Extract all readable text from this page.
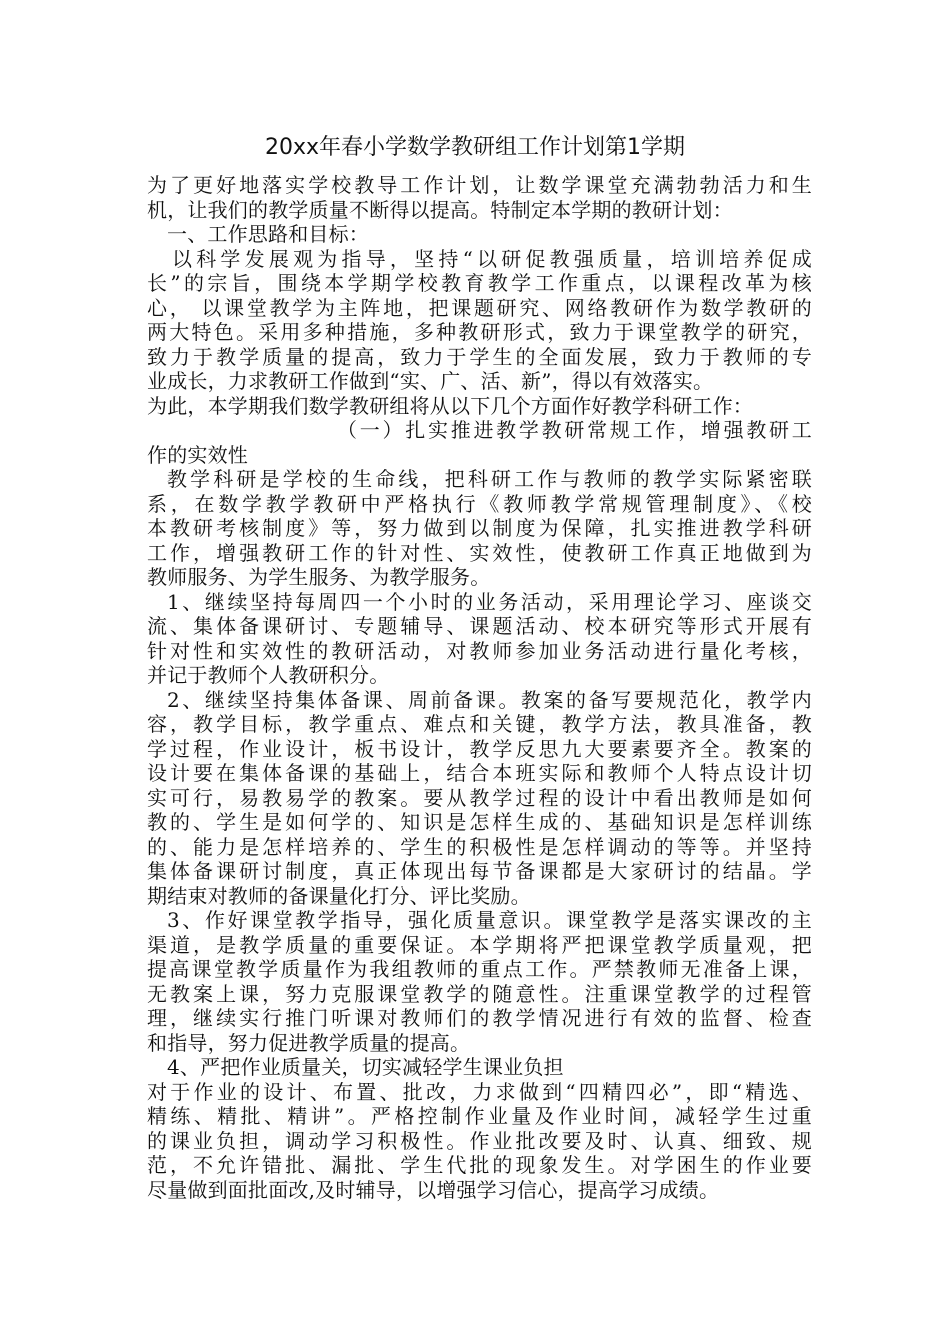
20xx年春小学数学教研组工作计划第1学期
为了更好地落实学校教导工作计划，让数学课堂充满勃勃活力和生
机，让我们的教学质量不断得以提高。特制定本学期的教研计划：
一、工作思路和目标：
以科学发展观为指导，坚持“以研促教强质量，培训培养促成
长”的宗旨，围绕本学期学校教育教学工作重点，以课程改革为核
心， 以课堂教学为主阵地，把课题研究、网络教研作为数学教研的
两大特色。采用多种措施，多种教研形式，致力于课堂教学的研究，
致力于教学质量的提高，致力于学生的全面发展，致力于教师的专
业成长，力求教研工作做到“实、广、活、新”，得以有效落实。
为此，本学期我们数学教研组将从以下几个方面作好教学科研工作：
（一）扎实推进教学教研常规工作，增强教研工
作的实效性
教学科研是学校的生命线，把科研工作与教师的教学实际紧密联
系，在数学教学教研中严格执行《教师教学常规管理制度》、《校
本教研考核制度》等，努力做到以制度为保障，扎实推进教学科研
工作，增强教研工作的针对性、实效性，使教研工作真正地做到为
教师服务、为学生服务、为教学服务。
1、继续坚持每周四一个小时的业务活动，采用理论学习、座谈交
流、集体备课研讨、专题辅导、课题活动、校本研究等形式开展有
针对性和实效性的教研活动，对教师参加业务活动进行量化考核，
并记于教师个人教研积分。
2、继续坚持集体备课、周前备课。教案的备写要规范化，教学内
容，教学目标，教学重点、难点和关键，教学方法，教具准备，教
学过程，作业设计，板书设计，教学反思九大要素要齐全。教案的
设计要在集体备课的基础上，结合本班实际和教师个人特点设计切
实可行，易教易学的教案。要从教学过程的设计中看出教师是如何
教的、学生是如何学的、知识是怎样生成的、基础知识是怎样训练
的、能力是怎样培养的、学生的积极性是怎样调动的等等。并坚持
集体备课研讨制度，真正体现出每节备课都是大家研讨的结晶。学
期结束对教师的备课量化打分、评比奖励。
3、作好课堂教学指导，强化质量意识。课堂教学是落实课改的主
渠道，是教学质量的重要保证。本学期将严把课堂教学质量观，把
提高课堂教学质量作为我组教师的重点工作。严禁教师无准备上课，
无教案上课，努力克服课堂教学的随意性。注重课堂教学的过程管
理，继续实行推门听课对教师们的教学情况进行有效的监督、检查
和指导，努力促进教学质量的提高。
4、严把作业质量关，切实减轻学生课业负担
对于作业的设计、布置、批改，力求做到“四精四必”，即“精选、
精练、精批、精讲”。严格控制作业量及作业时间，减轻学生过重
的课业负担，调动学习积极性。作业批改要及时、认真、细致、规
范，不允许错批、漏批、学生代批的现象发生。对学困生的作业要
尽量做到面批面改,及时辅导，以增强学习信心，提高学习成绩。
